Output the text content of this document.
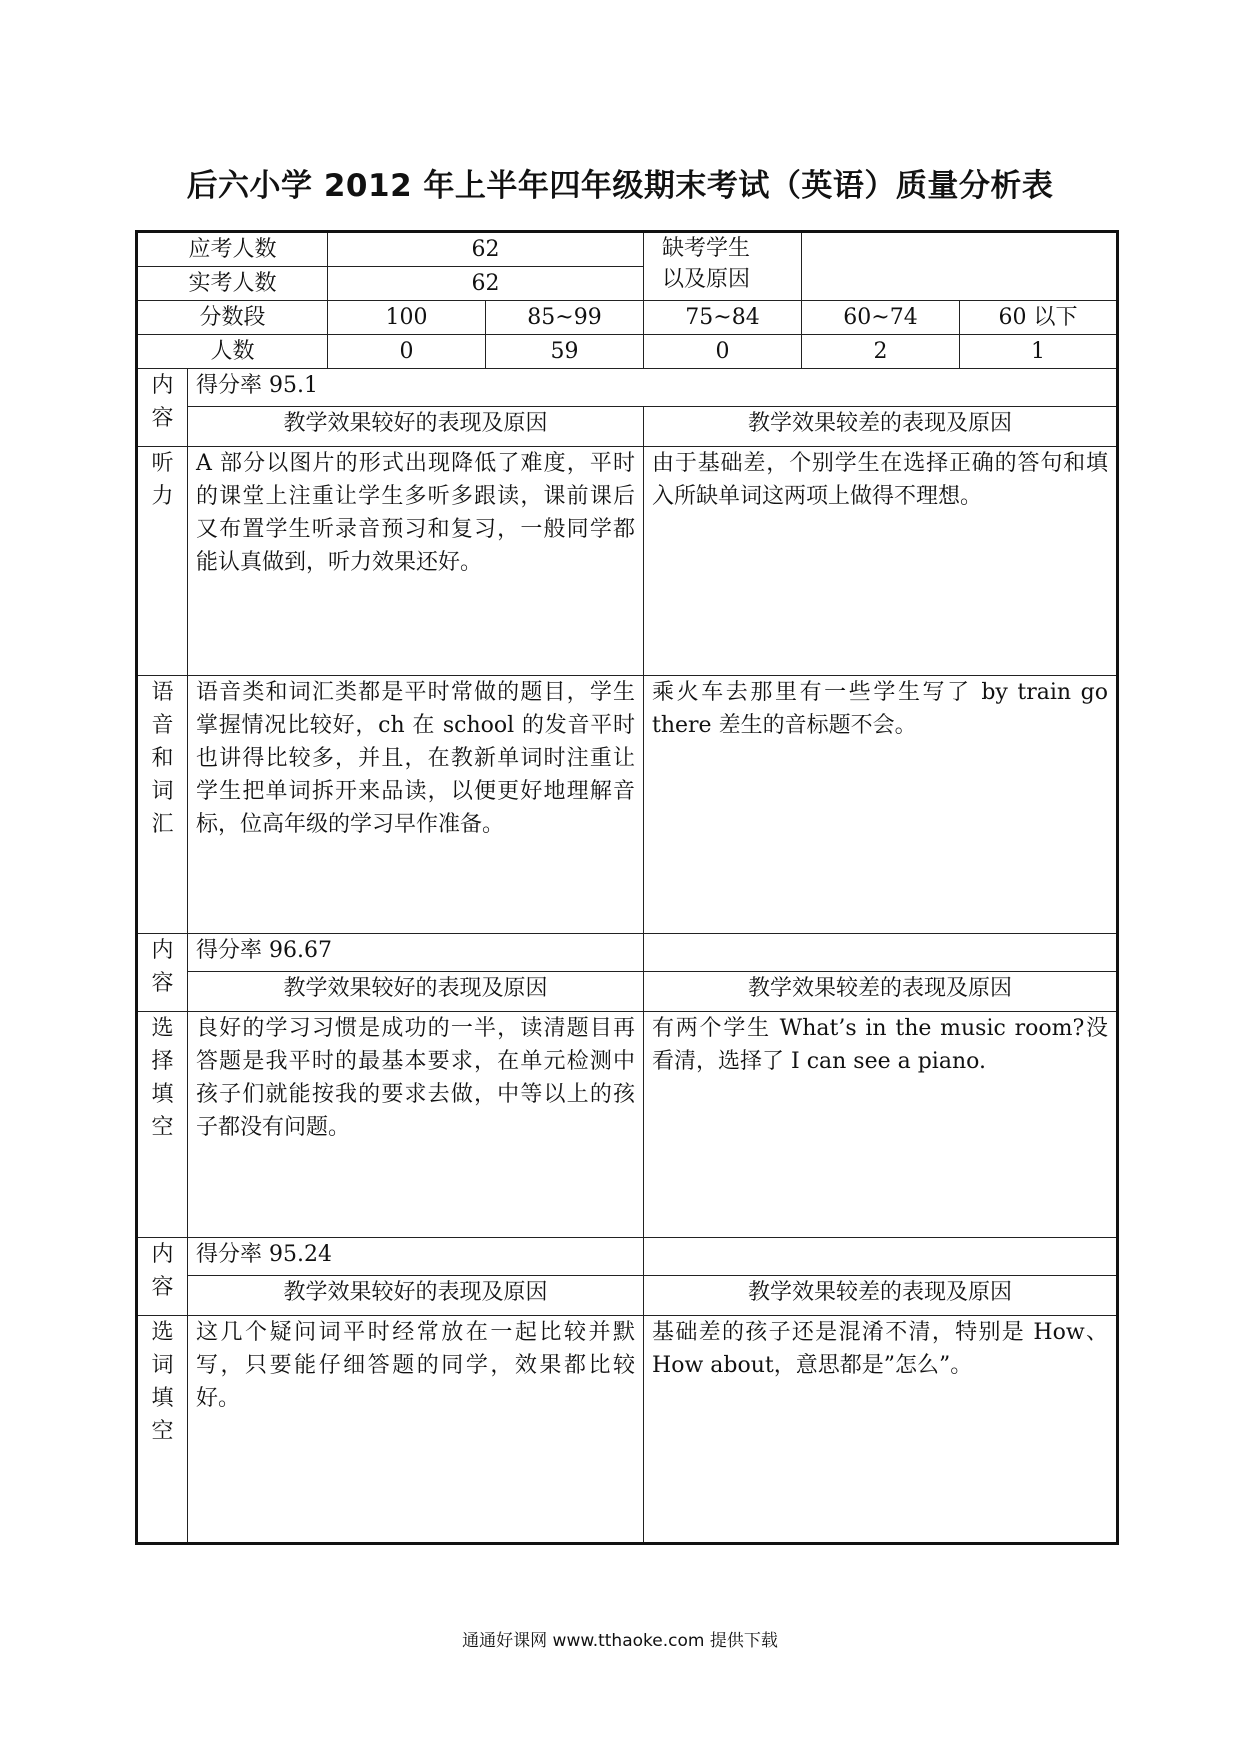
后六小学 2012 年上半年四年级期末考试（英语）质量分析表
应考人数		62		缺考学生
以及原因		

实考人数		62				
分数段		100	85~99	75~84	60~74	60 以下
人数		0	59	0	2	1

内
容	得分率 95.1					
	教学效果较好的表现及原因			教学效果较差的表现及原因		

听
力	A 部分以图片的形式出现降低了难度，平时的课堂上注重让学生多听多跟读，课前课后又布置学生听录音预习和复习，一般同学都能认真做到，听力效果还好。			由于基础差，个别学生在选择正确的答句和填入所缺单词这两项上做得不理想。		

语
音
和
词
汇	语音类和词汇类都是平时常做的题目，学生掌握情况比较好，ch 在 school 的发音平时也讲得比较多，并且，在教新单词时注重让学生把单词拆开来品读，以便更好地理解音标，位高年级的学习早作准备。			乘火车去那里有一些学生写了 by train go there 差生的音标题不会。		

内
容	得分率 96.67					
	教学效果较好的表现及原因			教学效果较差的表现及原因		

选
择
填
空	良好的学习习惯是成功的一半，读清题目再答题是我平时的最基本要求，在单元检测中孩子们就能按我的要求去做，中等以上的孩子都没有问题。			有两个学生 What’s in the music room?没看清，选择了 I can see a piano.		

内
容	得分率 95.24					
	教学效果较好的表现及原因			教学效果较差的表现及原因		

选
词
填
空	这几个疑问词平时经常放在一起比较并默写，只要能仔细答题的同学，效果都比较好。			基础差的孩子还是混淆不清，特别是 How、How about，意思都是”怎么”。		
通通好课网 www.tthaoke.com 提供下载
